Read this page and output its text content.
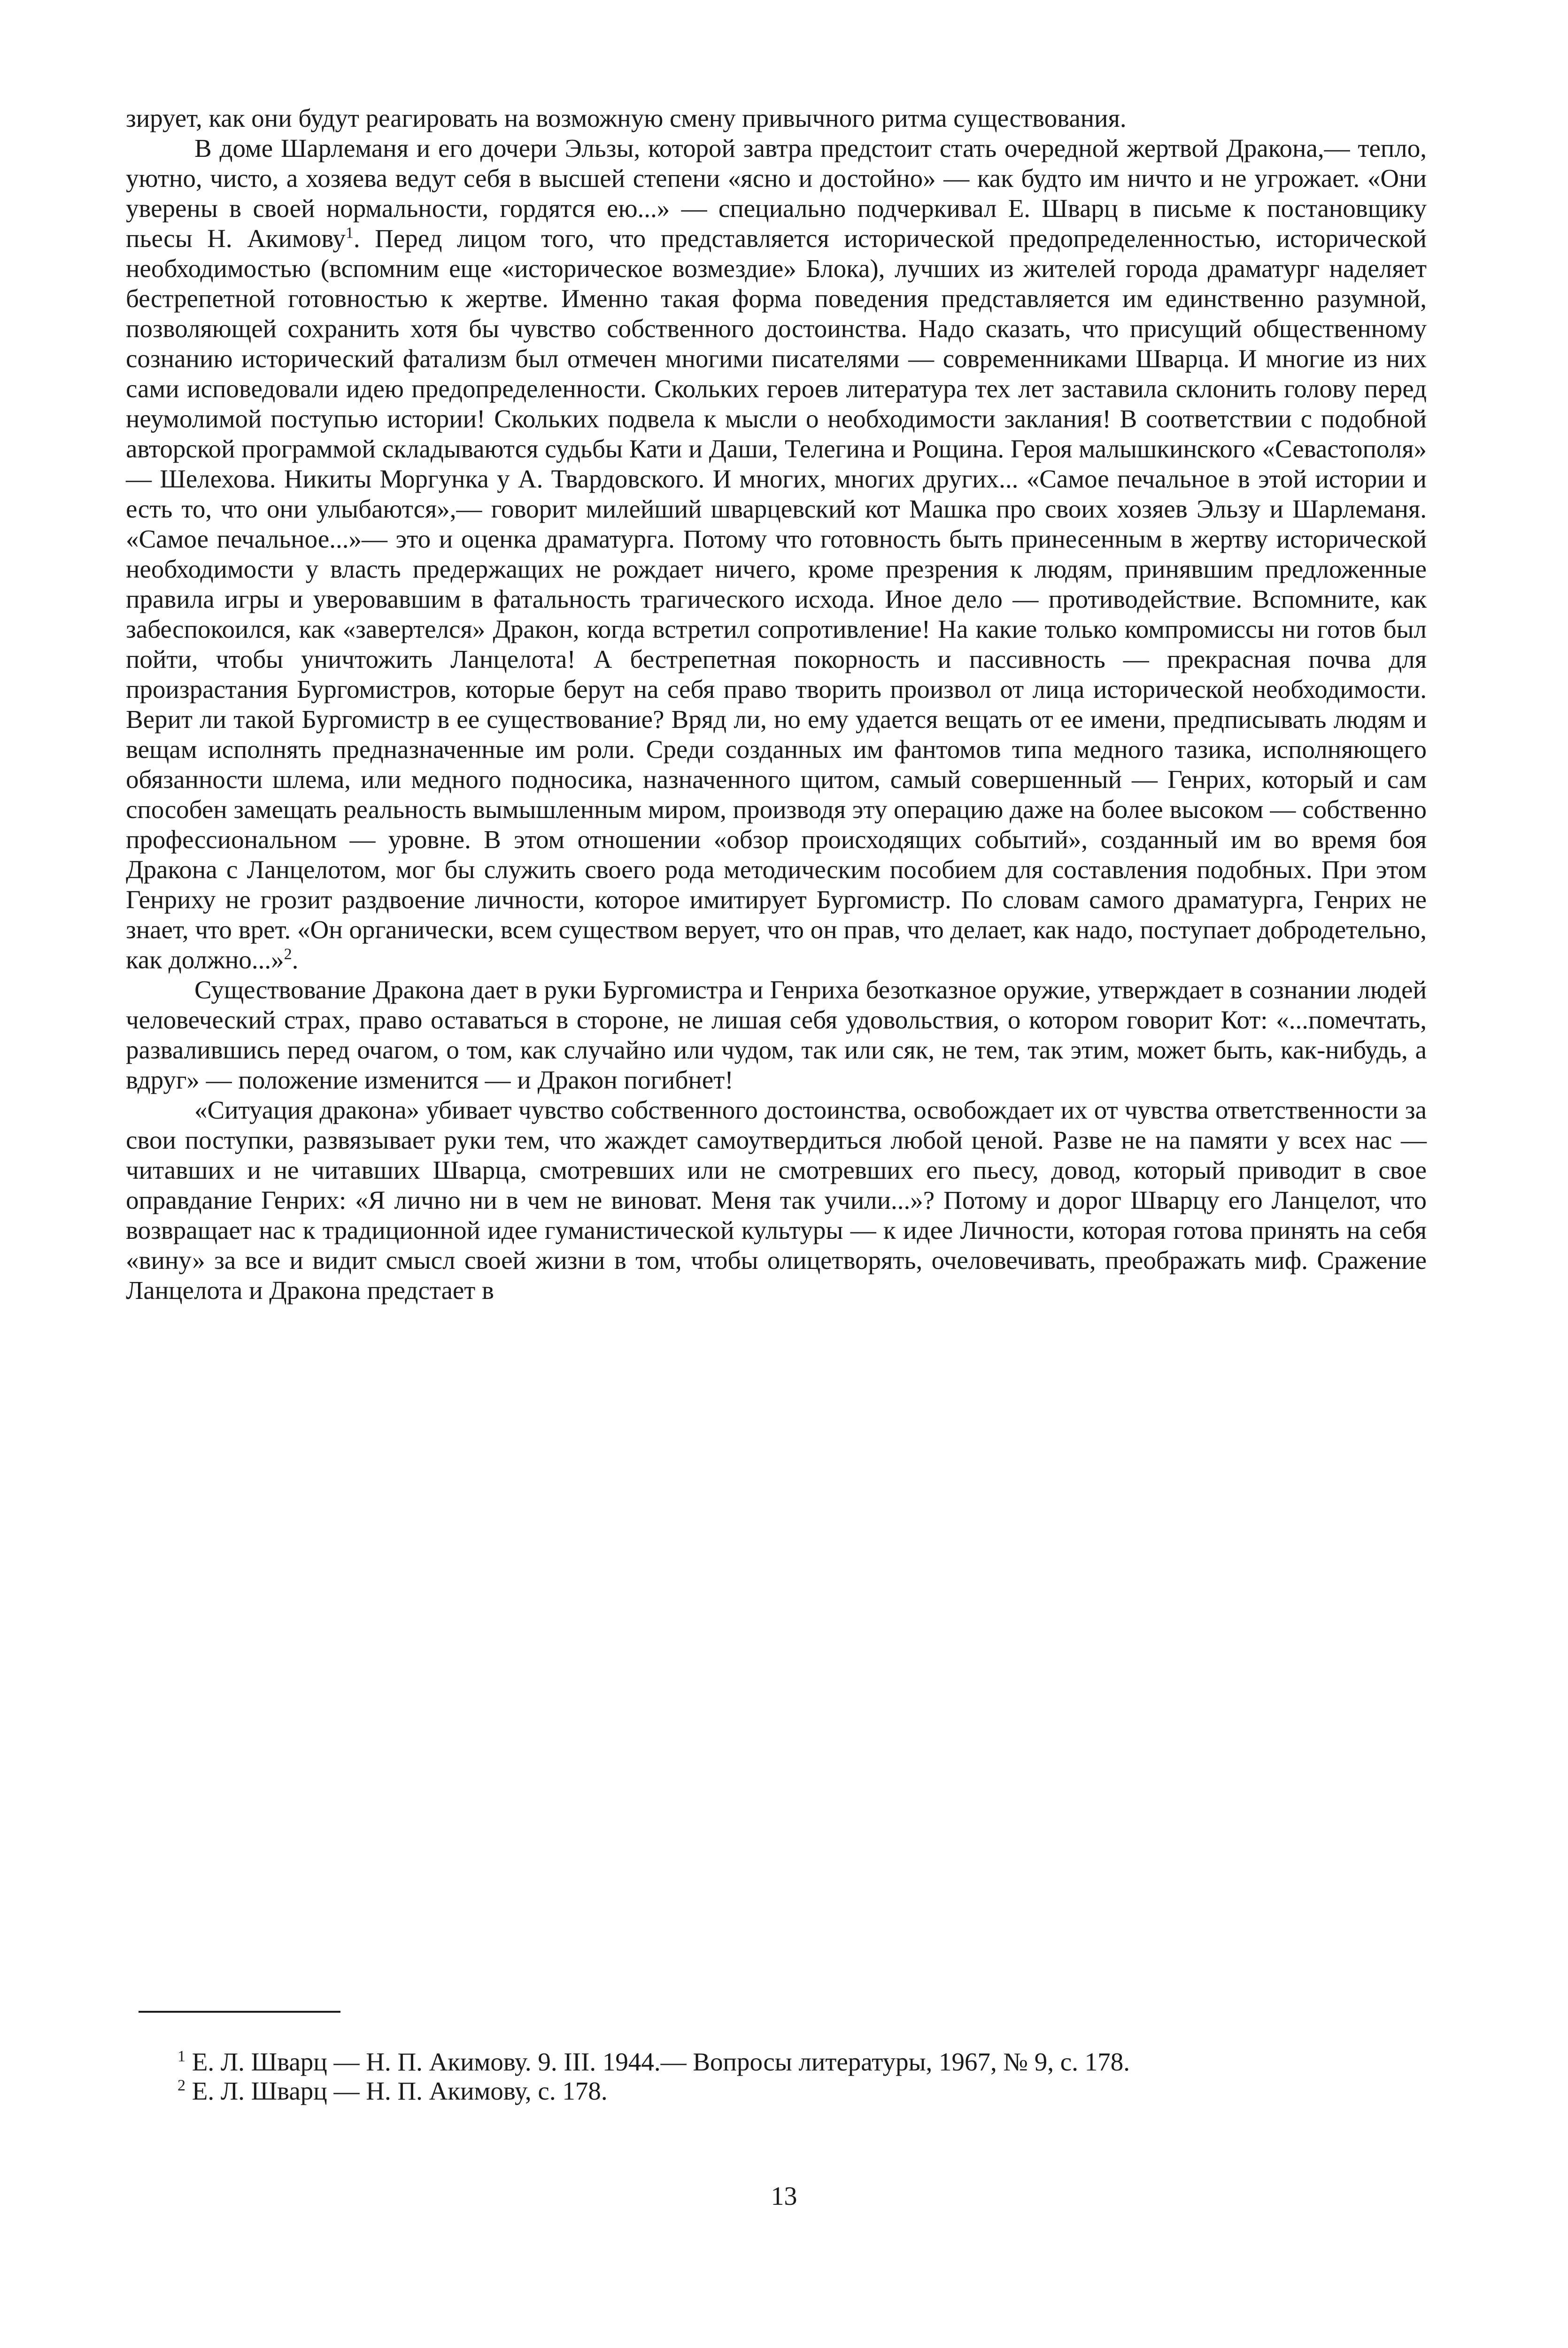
зирует, как они будут реагировать на возможную смену привычного ритма существования.

В доме Шарлеманя и его дочери Эльзы, которой завтра предстоит стать очередной жертвой Дракона,— тепло, уютно, чисто, а хозяева ведут себя в высшей степени «ясно и достойно» — как будто им ничто и не угрожает. «Они уверены в своей нормальности, гордятся ею...» — специально подчеркивал Е. Шварц в письме к постановщику пьесы Н. Акимову$^1$. Перед лицом того, что представляется исторической предопределенностью, исторической необходимостью (вспомним еще «историческое возмездие» Блока), лучших из жителей города драматург наделяет бестрепетной готовностью к жертве. Именно такая форма поведения представляется им единственно разумной, позволяющей сохранить хотя бы чувство собственного достоинства. Надо сказать, что присущий общественному сознанию исторический фатализм был отмечен многими писателями — современниками Шварца. И многие из них сами исповедовали идею предопределенности. Скольких героев литература тех лет заставила склонить голову перед неумолимой поступью истории! Скольких подвела к мысли о необходимости заклания! В соответствии с подобной авторской программой складываются судьбы Кати и Даши, Телегина и Рощина. Героя малышкинского «Севастополя» — Шелехова. Никиты Моргунка у А. Твардовского. И многих, многих других... «Самое печальное в этой истории и есть то, что они улыбаются»,— говорит милейший шварцевский кот Машка про своих хозяев Эльзу и Шарлеманя. «Самое печальное...»— это и оценка драматурга. Потому что готовность быть принесенным в жертву исторической необходимости у власть предержащих не рождает ничего, кроме презрения к людям, принявшим предложенные правила игры и уверовавшим в фатальность трагического исхода. Иное дело — противодействие. Вспомните, как забеспокоился, как «завертелся» Дракон, когда встретил сопротивление! На какие только компромиссы ни готов был пойти, чтобы уничтожить Ланцелота! А бестрепетная покорность и пассивность — прекрасная почва для произрастания Бургомистров, которые берут на себя право творить произвол от лица исторической необходимости. Верит ли такой Бургомистр в ее существование? Вряд ли, но ему удается вещать от ее имени, предписывать людям и вещам исполнять предназначенные им роли. Среди созданных им фантомов типа медного тазика, исполняющего обязанности шлема, или медного подносика, назначенного щитом, самый совершенный — Генрих, который и сам способен замещать реальность вымышленным миром, производя эту операцию даже на более высоком — собственно профессиональном — уровне. В этом отношении «обзор происходящих событий», созданный им во время боя Дракона с Ланцелотом, мог бы служить своего рода методическим пособием для составления подобных. При этом Генриху не грозит раздвоение личности, которое имитирует Бургомистр. По словам самого драматурга, Генрих не знает, что врет. «Он органически, всем существом верует, что он прав, что делает, как надо, поступает добродетельно, как должно...»$^2$.

Существование Дракона дает в руки Бургомистра и Генриха безотказное оружие, утверждает в сознании людей человеческий страх, право оставаться в стороне, не лишая себя удовольствия, о котором говорит Кот: «...помечтать, развалившись перед очагом, о том, как случайно или чудом, так или сяк, не тем, так этим, может быть, как-нибудь, а вдруг» — положение изменится — и Дракон погибнет!

«Ситуация дракона» убивает чувство собственного достоинства, освобождает их от чувства ответственности за свои поступки, развязывает руки тем, что жаждет самоутвердиться любой ценой. Разве не на памяти у всех нас — читавших и не читавших Шварца, смотревших или не смотревших его пьесу, довод, который приводит в свое оправдание Генрих: «Я лично ни в чем не виноват. Меня так учили...»? Потому и дорог Шварцу его Ланцелот, что возвращает нас к традиционной идее гуманистической культуры — к идее Личности, которая готова принять на себя «вину» за все и видит смысл своей жизни в том, чтобы олицетворять, очеловечивать, преображать миф. Сражение Ланцелота и Дракона предстает в

$^1$ Е. Л. Шварц — Н. П. Акимову. 9. III. 1944.— Вопросы литературы, 1967, № 9, с. 178.

$^2$ Е. Л. Шварц — Н. П. Акимову, с. 178.

13
